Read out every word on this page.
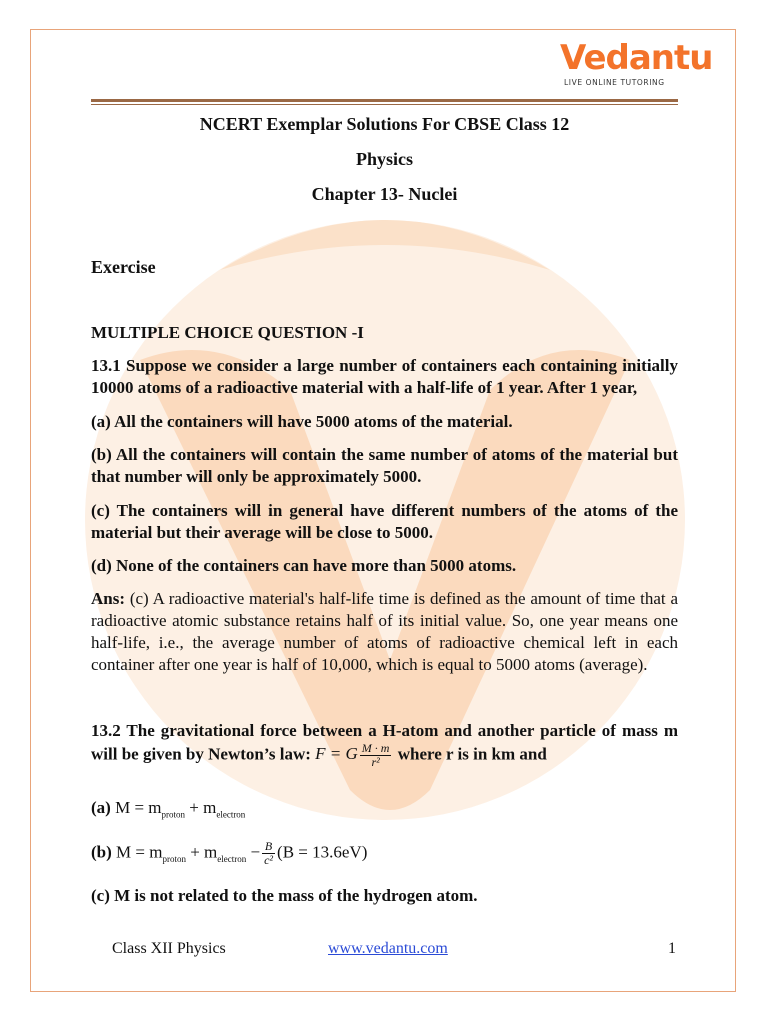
Vedantu
LIVE ONLINE TUTORING
NCERT Exemplar Solutions For CBSE Class 12
Physics
Chapter 13- Nuclei
Exercise
MULTIPLE CHOICE QUESTION -I
13.1 Suppose we consider a large number of containers each containing initially 10000 atoms of a radioactive material with a half-life of 1 year. After 1 year,
(a) All the containers will have 5000 atoms of the material.
(b) All the containers will contain the same number of atoms of the material but that number will only be approximately 5000.
(c) The containers will in general have different numbers of the atoms of the material but their average will be close to 5000.
(d) None of the containers can have more than 5000 atoms.
Ans: (c) A radioactive material's half-life time is defined as the amount of time that a radioactive atomic substance retains half of its initial value. So, one year means one half-life, i.e., the average number of atoms of radioactive chemical left in each container after one year is half of 10,000, which is equal to 5000 atoms (average).
13.2 The gravitational force between a H-atom and another particle of mass m will be given by Newton’s law: F = G $\frac{M \cdot m}{\text{r²}}$ where r is in km and
(a) $M = m_{proton} + m_{electron}$
(b) $M = m_{proton} + m_{electron} - \frac{B}{\text{c²}} (B = 13.6eV)$
(c) M is not related to the mass of the hydrogen atom.
Class XII Physics	www.vedantu.com	1
